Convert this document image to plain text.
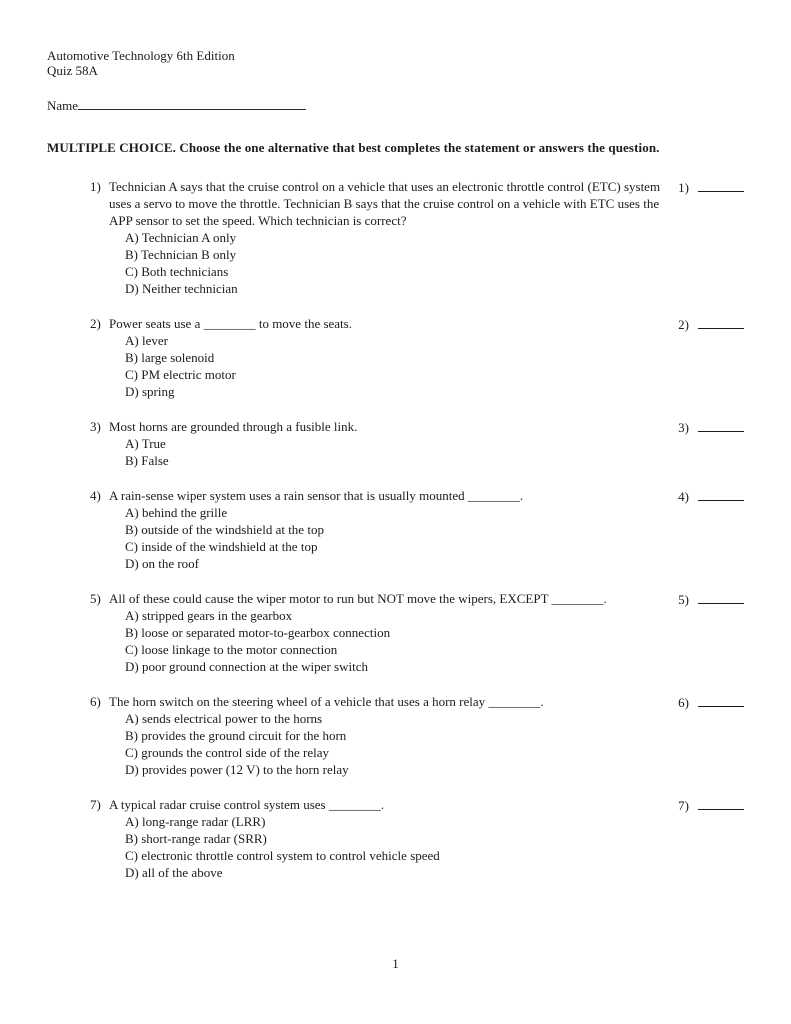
Automotive Technology 6th Edition
Quiz 58A
Name
MULTIPLE CHOICE. Choose the one alternative that best completes the statement or answers the question.
1) Technician A says that the cruise control on a vehicle that uses an electronic throttle control (ETC) system uses a servo to move the throttle. Technician B says that the cruise control on a vehicle with ETC uses the APP sensor to set the speed. Which technician is correct?
A) Technician A only
B) Technician B only
C) Both technicians
D) Neither technician
1)
2) Power seats use a ________ to move the seats.
A) lever
B) large solenoid
C) PM electric motor
D) spring
2)
3) Most horns are grounded through a fusible link.
A) True
B) False
3)
4) A rain-sense wiper system uses a rain sensor that is usually mounted ________.
A) behind the grille
B) outside of the windshield at the top
C) inside of the windshield at the top
D) on the roof
4)
5) All of these could cause the wiper motor to run but NOT move the wipers, EXCEPT ________.
A) stripped gears in the gearbox
B) loose or separated motor-to-gearbox connection
C) loose linkage to the motor connection
D) poor ground connection at the wiper switch
5)
6) The horn switch on the steering wheel of a vehicle that uses a horn relay ________.
A) sends electrical power to the horns
B) provides the ground circuit for the horn
C) grounds the control side of the relay
D) provides power (12 V) to the horn relay
6)
7) A typical radar cruise control system uses ________.
A) long-range radar (LRR)
B) short-range radar (SRR)
C) electronic throttle control system to control vehicle speed
D) all of the above
7)
1
